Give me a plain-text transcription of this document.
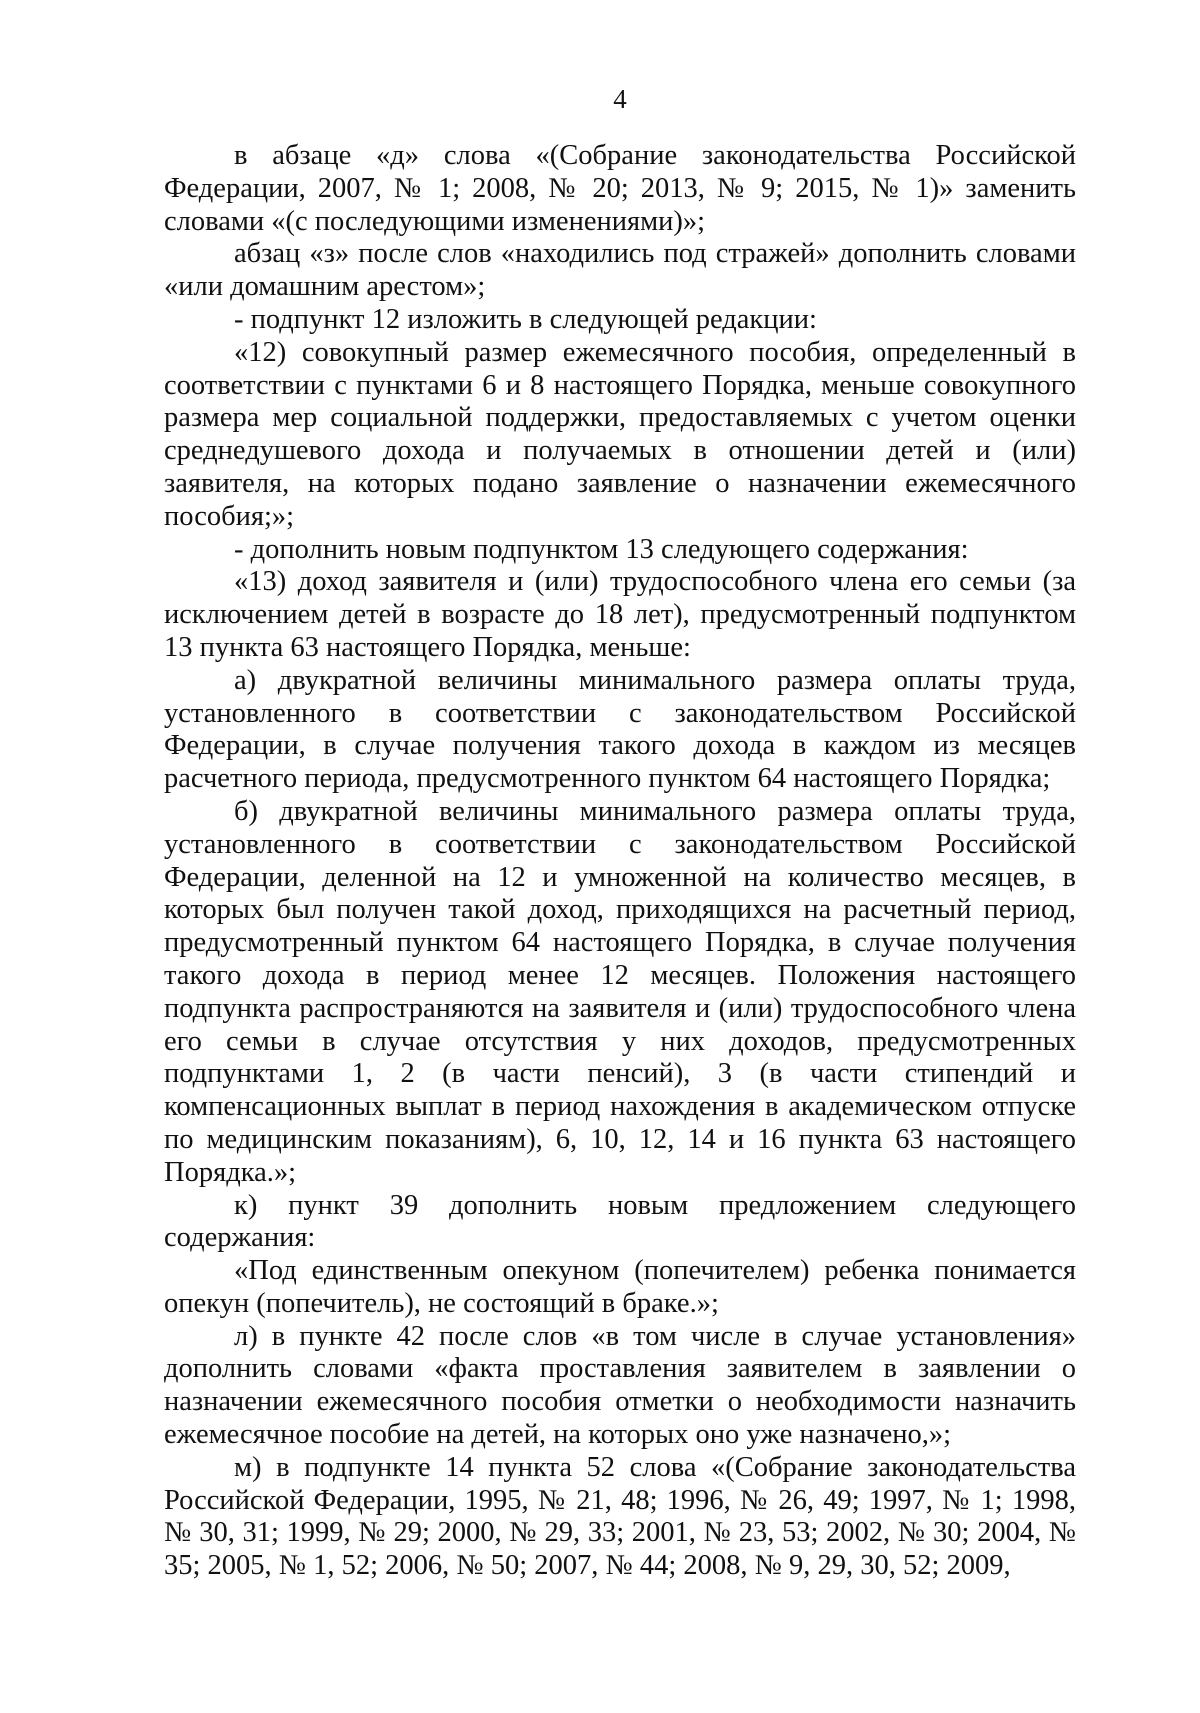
4

в абзаце «д» слова «(Собрание законодательства Российской Федерации, 2007, № 1; 2008, № 20; 2013, № 9; 2015, № 1)» заменить словами «(с последующими изменениями)»;

абзац «з» после слов «находились под стражей» дополнить словами «или домашним арестом»;

- подпункт 12 изложить в следующей редакции:

«12) совокупный размер ежемесячного пособия, определенный в соответствии с пунктами 6 и 8 настоящего Порядка, меньше совокупного размера мер социальной поддержки, предоставляемых с учетом оценки среднедушевого дохода и получаемых в отношении детей и (или) заявителя, на которых подано заявление о назначении ежемесячного пособия;»;

- дополнить новым подпунктом 13 следующего содержания:

«13) доход заявителя и (или) трудоспособного члена его семьи (за исключением детей в возрасте до 18 лет), предусмотренный подпунктом 13 пункта 63 настоящего Порядка, меньше:

а) двукратной величины минимального размера оплаты труда, установленного в соответствии с законодательством Российской Федерации, в случае получения такого дохода в каждом из месяцев расчетного периода, предусмотренного пунктом 64 настоящего Порядка;

б) двукратной величины минимального размера оплаты труда, установленного в соответствии с законодательством Российской Федерации, деленной на 12 и умноженной на количество месяцев, в которых был получен такой доход, приходящихся на расчетный период, предусмотренный пунктом 64 настоящего Порядка, в случае получения такого дохода в период менее 12 месяцев. Положения настоящего подпункта распространяются на заявителя и (или) трудоспособного члена его семьи в случае отсутствия у них доходов, предусмотренных подпунктами 1, 2 (в части пенсий), 3 (в части стипендий и компенсационных выплат в период нахождения в академическом отпуске по медицинским показаниям), 6, 10, 12, 14 и 16 пункта 63 настоящего Порядка.»;

к) пункт 39 дополнить новым предложением следующего содержания:

«Под единственным опекуном (попечителем) ребенка понимается опекун (попечитель), не состоящий в браке.»;

л) в пункте 42 после слов «в том числе в случае установления» дополнить словами «факта проставления заявителем в заявлении о назначении ежемесячного пособия отметки о необходимости назначить ежемесячное пособие на детей, на которых оно уже назначено,»;

м) в подпункте 14 пункта 52 слова «(Собрание законодательства Российской Федерации, 1995, № 21, 48; 1996, № 26, 49; 1997, № 1; 1998, № 30, 31; 1999, № 29; 2000, № 29, 33; 2001, № 23, 53; 2002, № 30; 2004, № 35; 2005, № 1, 52; 2006, № 50; 2007, № 44; 2008, № 9, 29, 30, 52; 2009,
